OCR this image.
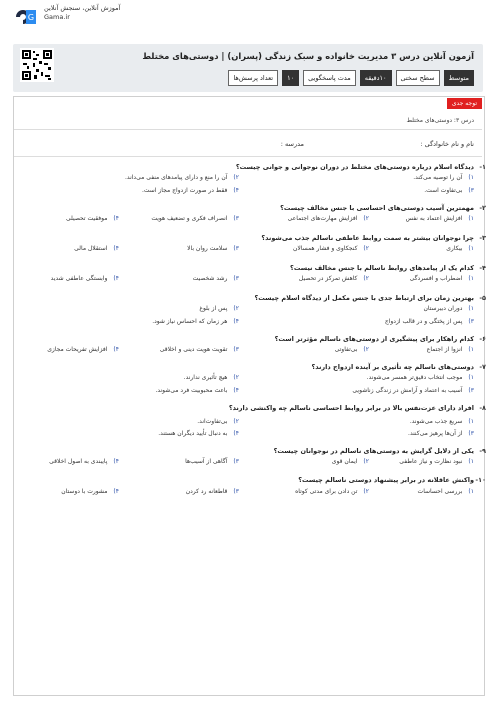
G
آموزش آنلاین، سنجش آنلاین
Gama.ir
آزمون آنلاین درس ۳ مدیریت خانواده و سبک زندگی (پسران) | دوستی‌های مختلط
تعداد پرسش‌ها	۱۰	مدت پاسخگویی	۱۰دقیقه	سطح سختی	متوسط
توجه جدی
درس ۳: دوستی‌های مختلط
نام و نام خانوادگی :
مدرسه :
۱-
دیدگاه اسلام درباره دوستی‌های مختلط در دوران نوجوانی و جوانی چیست؟
۱)آن را توصیه می‌کند.
۲)آن را منع و دارای پیامدهای منفی می‌داند.
۳)بی‌تفاوت است.
۴)فقط در صورت ازدواج مجاز است.
۲-
مهمترین آسیب دوستی‌های احساسی با جنس مخالف چیست؟
۱)افزایش اعتماد به نفس
۲)افزایش مهارت‌های اجتماعی
۳)انصراف فکری و تضعیف هویت
۴)موفقیت تحصیلی
۳-
چرا نوجوانان بیشتر به سمت روابط عاطفی ناسالم جذب می‌شوند؟
۱)بیکاری
۲)کنجکاوی و فشار همسالان
۳)سلامت روان بالا
۴)استقلال مالی
۴-
کدام یک از پیامدهای روابط ناسالم با جنس مخالف نیست؟
۱)اضطراب و افسردگی
۲)کاهش تمرکز در تحصیل
۳)رشد شخصیت
۴)وابستگی عاطفی شدید
۵-
بهترین زمان برای ارتباط جدی با جنس مکمل از دیدگاه اسلام چیست؟
۱)دوران دبیرستان
۲)پس از بلوغ
۳)پس از پختگی و در قالب ازدواج
۴)هر زمان که احساس نیاز شود.
۶-
کدام راهکار برای پیشگیری از دوستی‌های ناسالم مؤثرتر است؟
۱)انزوا از اجتماع
۲)بی‌تفاوتی
۳)تقویت هویت دینی و اخلاقی
۴)افزایش تفریحات مجازی
۷-
دوستی‌های ناسالم چه تأثیری بر آینده ازدواج دارند؟
۱)موجب انتخاب دقیق‌تر همسر می‌شوند.
۲)هیچ تأثیری ندارند.
۳)آسیب به اعتماد و آرامش در زندگی زناشویی
۴)باعث محبوبیت فرد می‌شوند.
۸-
افراد دارای عزت‌نفس بالا در برابر روابط احساسی ناسالم چه واکنشی دارند؟
۱)سریع جذب می‌شوند.
۲)بی‌تفاوت‌اند.
۳)از آن‌ها پرهیز می‌کنند.
۴)به دنبال تأیید دیگران هستند.
۹-
یکی از دلایل گرایش به دوستی‌های ناسالم در نوجوانان چیست؟
۱)نبود نظارت و نیاز عاطفی
۲)ایمان قوی
۳)آگاهی از آسیب‌ها
۴)پایبندی به اصول اخلاقی
۱۰-
واکنش عاقلانه در برابر پیشنهاد دوستی ناسالم چیست؟
۱)بررسی احساسات
۲)تن دادن برای مدتی کوتاه
۳)قاطعانه رد کردن
۴)مشورت با دوستان
